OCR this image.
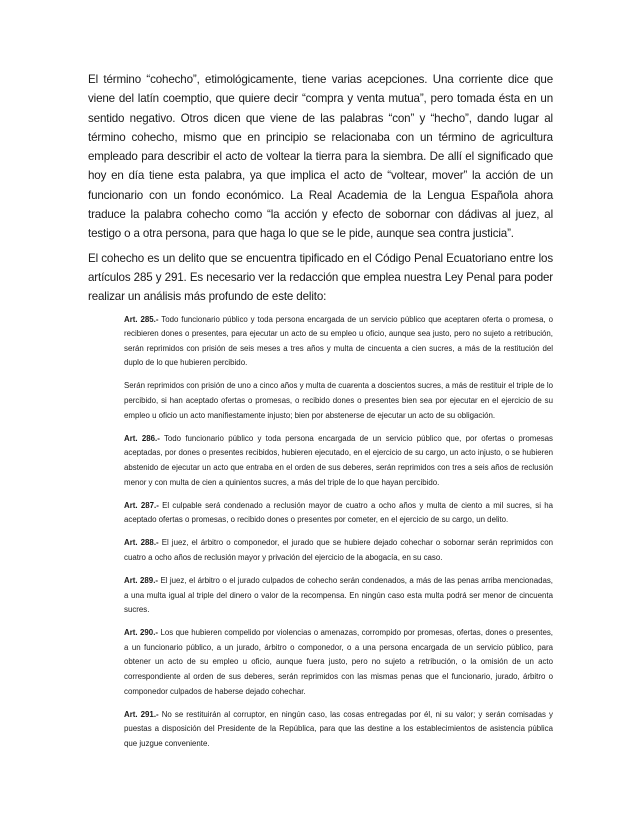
El término “cohecho”, etimológicamente, tiene varias acepciones. Una corriente dice que viene del latín coemptio, que quiere decir “compra y venta mutua”, pero tomada ésta en un sentido negativo. Otros dicen que viene de las palabras “con” y “hecho”, dando lugar al término cohecho, mismo que en principio se relacionaba con un término de agricultura empleado para describir el acto de voltear la tierra para la siembra. De allí el significado que hoy en día tiene esta palabra, ya que implica el acto de “voltear, mover” la acción de un funcionario con un fondo económico. La Real Academia de la Lengua Española ahora traduce la palabra cohecho como “la acción y efecto de sobornar con dádivas al juez, al testigo o a otra persona, para que haga lo que se le pide, aunque sea contra justicia”.

El cohecho es un delito que se encuentra tipificado en el Código Penal Ecuatoriano entre los artículos 285 y 291. Es necesario ver la redacción que emplea nuestra Ley Penal para poder realizar un análisis más profundo de este delito:

Art. 285.- Todo funcionario público y toda persona encargada de un servicio público que aceptaren oferta o promesa, o recibieren dones o presentes, para ejecutar un acto de su empleo u oficio, aunque sea justo, pero no sujeto a retribución, serán reprimidos con prisión de seis meses a tres años y multa de cincuenta a cien sucres, a más de la restitución del duplo de lo que hubieren percibido.

Serán reprimidos con prisión de uno a cinco años y multa de cuarenta a doscientos sucres, a más de restituir el triple de lo percibido, si han aceptado ofertas o promesas, o recibido dones o presentes bien sea por ejecutar en el ejercicio de su empleo u oficio un acto manifiestamente injusto; bien por abstenerse de ejecutar un acto de su obligación.

Art. 286.- Todo funcionario público y toda persona encargada de un servicio público que, por ofertas o promesas aceptadas, por dones o presentes recibidos, hubieren ejecutado, en el ejercicio de su cargo, un acto injusto, o se hubieren abstenido de ejecutar un acto que entraba en el orden de sus deberes, serán reprimidos con tres a seis años de reclusión menor y con multa de cien a quinientos sucres, a más del triple de lo que hayan percibido.

Art. 287.- El culpable será condenado a reclusión mayor de cuatro a ocho años y multa de ciento a mil sucres, si ha aceptado ofertas o promesas, o recibido dones o presentes por cometer, en el ejercicio de su cargo, un delito.

Art. 288.- El juez, el árbitro o componedor, el jurado que se hubiere dejado cohechar o sobornar serán reprimidos con cuatro a ocho años de reclusión mayor y privación del ejercicio de la abogacía, en su caso.

Art. 289.- El juez, el árbitro o el jurado culpados de cohecho serán condenados, a más de las penas arriba mencionadas, a una multa igual al triple del dinero o valor de la recompensa. En ningún caso esta multa podrá ser menor de cincuenta sucres.

Art. 290.- Los que hubieren compelido por violencias o amenazas, corrompido por promesas, ofertas, dones o presentes, a un funcionario público, a un jurado, árbitro o componedor, o a una persona encargada de un servicio público, para obtener un acto de su empleo u oficio, aunque fuera justo, pero no sujeto a retribución, o la omisión de un acto correspondiente al orden de sus deberes, serán reprimidos con las mismas penas que el funcionario, jurado, árbitro o componedor culpados de haberse dejado cohechar.

Art. 291.- No se restituirán al corruptor, en ningún caso, las cosas entregadas por él, ni su valor; y serán comisadas y puestas a disposición del Presidente de la República, para que las destine a los establecimientos de asistencia pública que juzgue conveniente.
